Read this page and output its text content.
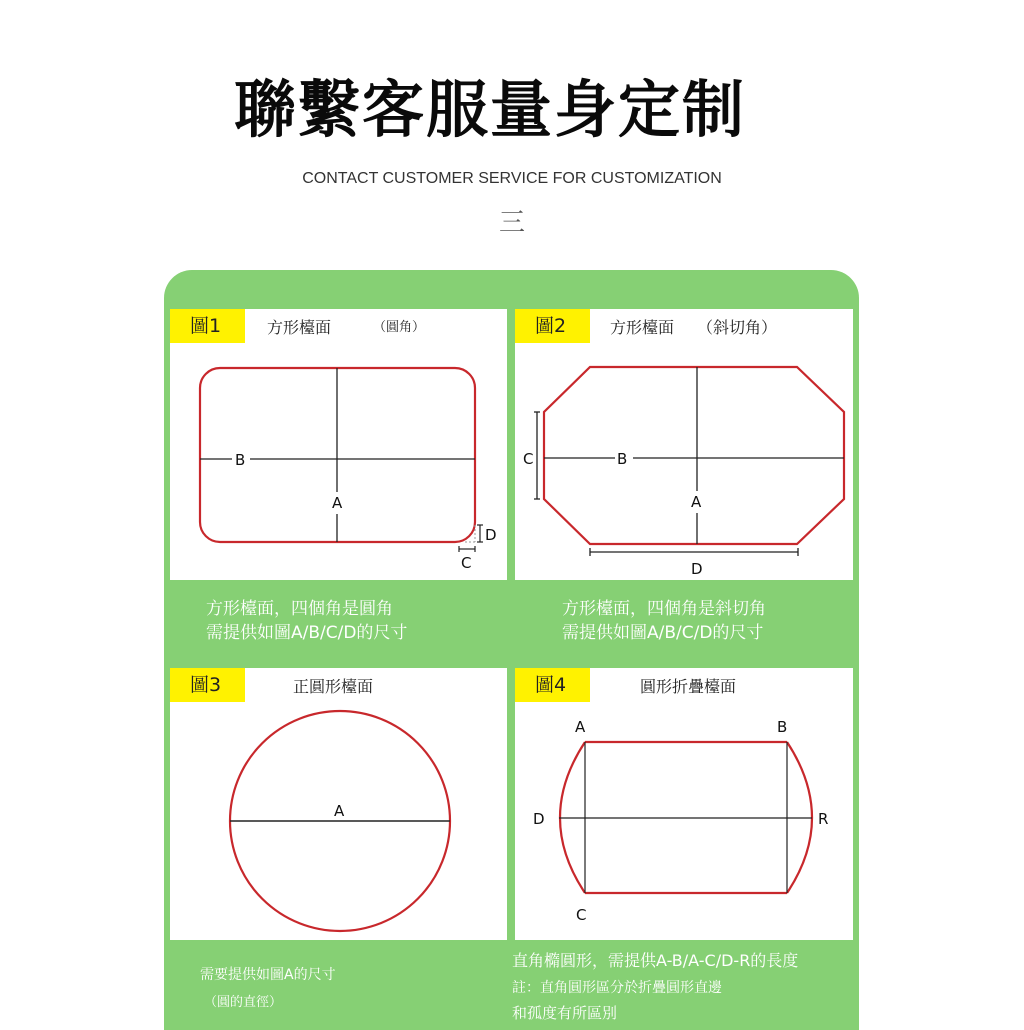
聯繫客服量身定制
CONTACT CUSTOMER SERVICE FOR CUSTOMIZATION
三
B
A
D
C
圖1	方形檯面	（圓角）
B
A
C
D
圖2	方形檯面 （斜切角）
方形檯面，四個角是圓角
需提供如圖A/B/C/D的尺寸
方形檯面，四個角是斜切角
需提供如圖A/B/C/D的尺寸
A
圖3	正圓形檯面
A	B
C
D	R
圖4	圓形折疊檯面
需要提供如圖A的尺寸
（圓的直徑）
直角橢圓形，需提供A-B/A-C/D-R的長度
註：直角圓形區分於折疊圓形直邊
和孤度有所區別
